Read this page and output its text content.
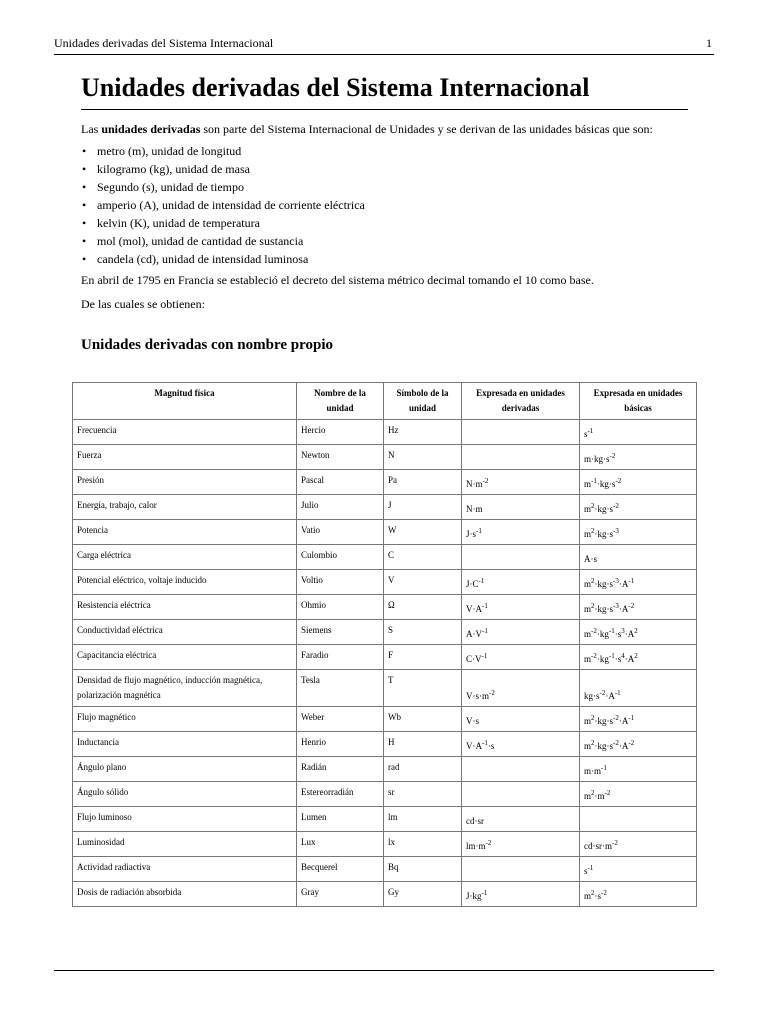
Unidades derivadas del Sistema Internacional	1
Unidades derivadas del Sistema Internacional

Las unidades derivadas son parte del Sistema Internacional de Unidades y se derivan de las unidades básicas que son:

• metro (m), unidad de longitud
• kilogramo (kg), unidad de masa
• Segundo (s), unidad de tiempo
• amperio (A), unidad de intensidad de corriente eléctrica
• kelvin (K), unidad de temperatura
• mol (mol), unidad de cantidad de sustancia
• candela (cd), unidad de intensidad luminosa

En abril de 1795 en Francia se estableció el decreto del sistema métrico decimal tomando el 10 como base.

De las cuales se obtienen:

Unidades derivadas con nombre propio
Magnitud física	Nombre de la unidad	Símbolo de la unidad	Expresada en unidades derivadas	Expresada en unidades básicas
Frecuencia	Hercio	Hz		$s^{-1}$
Fuerza	Newton	N		$m\cdot kg\cdot s^{-2}$
Presión	Pascal	Pa	$N\cdot m^{-2}$	$m^{-1}\cdot kg\cdot s^{-2}$
Energía, trabajo, calor	Julio	J	N·m	$m^2\cdot kg\cdot s^{-2}$
Potencia	Vatio	W	$J\cdot s^{-1}$	$m^2\cdot kg\cdot s^{-3}$
Carga eléctrica	Culombio	C		A·s
Potencial eléctrico, voltaje inducido	Voltio	V	$J\cdot C^{-1}$	$m^2\cdot kg\cdot s^{-3}\cdot A^{-1}$
Resistencia eléctrica	Ohmio	Ω	$V\cdot A^{-1}$	$m^2\cdot kg\cdot s^{-3}\cdot A^{-2}$
Conductividad eléctrica	Siemens	S	$A\cdot V^{-1}$	$m^{-2}\cdot kg^{-1}\cdot s^3\cdot A^2$
Capacitancia eléctrica	Faradio	F	$C\cdot V^{-1}$	$m^{-2}\cdot kg^{-1}\cdot s^4\cdot A^2$
Densidad de flujo magnético, inducción magnética, polarización magnética	Tesla	T	$V\cdot s\cdot m^{-2}$	$kg\cdot s^{-2}\cdot A^{-1}$
Flujo magnético	Weber	Wb	V·s	$m^2\cdot kg\cdot s^{-2}\cdot A^{-1}$
Inductancia	Henrio	H	$V\cdot A^{-1}\cdot s$	$m^2\cdot kg\cdot s^{-2}\cdot A^{-2}$
Ángulo plano	Radián	rad		$m\cdot m^{-1}$
Ángulo sólido	Estereorradián	sr		$m^2\cdot m^{-2}$
Flujo luminoso	Lumen	lm	cd·sr	
Luminosidad	Lux	lx	$lm\cdot m^{-2}$	$cd\cdot sr\cdot m^{-2}$
Actividad radiactiva	Becquerel	Bq		$s^{-1}$
Dosis de radiación absorbida	Gray	Gy	$J\cdot kg^{-1}$	$m^2\cdot s^{-2}$
